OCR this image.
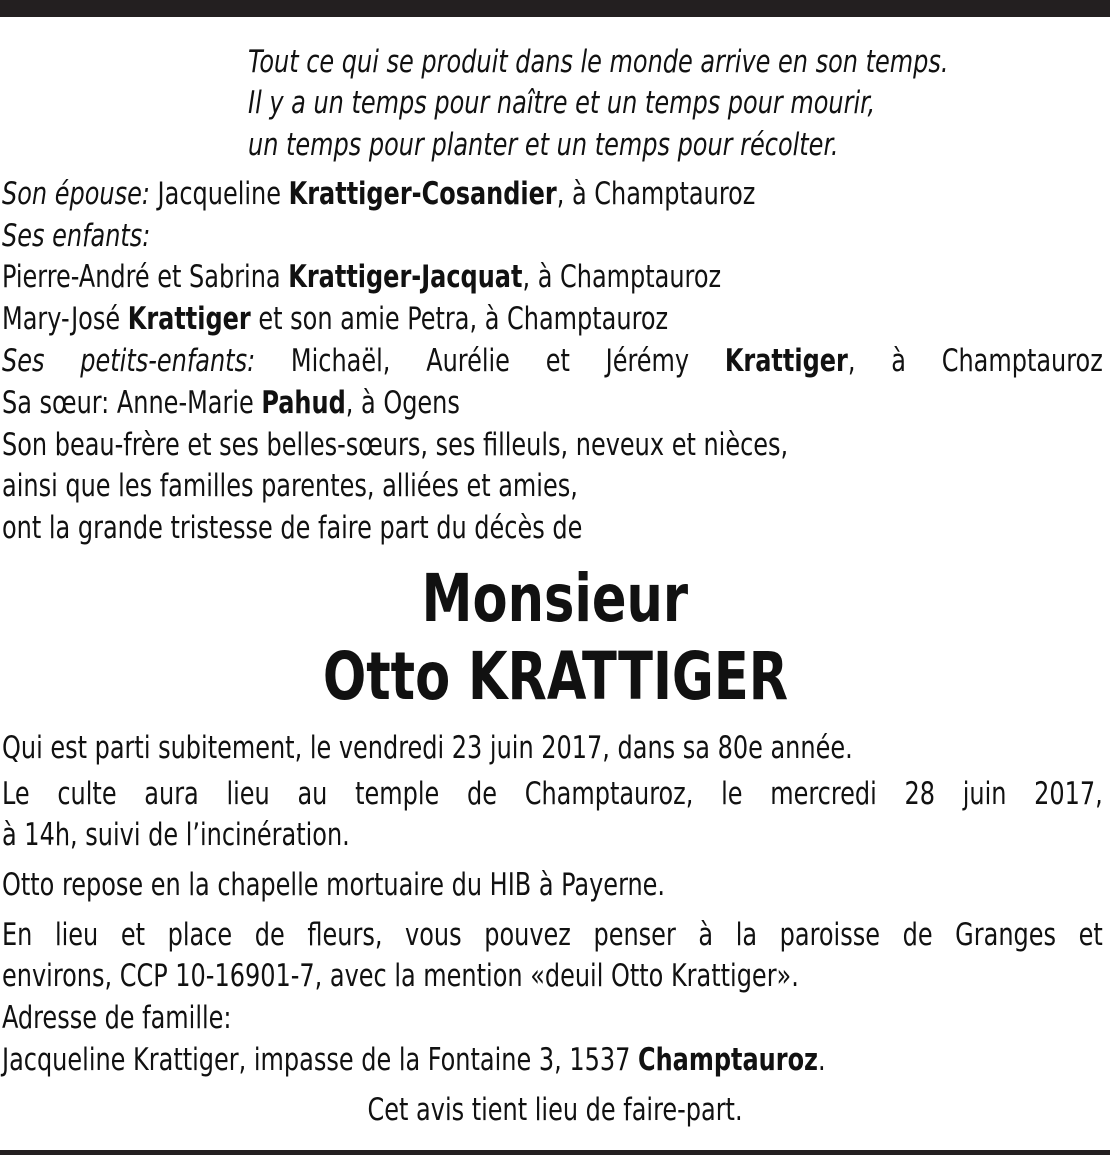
Tout ce qui se produit dans le monde arrive en son temps.
Il y a un temps pour naître et un temps pour mourir,
un temps pour planter et un temps pour récolter.
Son épouse: Jacqueline Krattiger-Cosandier, à Champtauroz
Ses enfants:
Pierre-André et Sabrina Krattiger-Jacquat, à Champtauroz
Mary-José Krattiger et son amie Petra, à Champtauroz
Ses petits-enfants: Michaël, Aurélie et Jérémy Krattiger, à Champtauroz
Sa sœur: Anne-Marie Pahud, à Ogens
Son beau-frère et ses belles-sœurs, ses filleuls, neveux et nièces,
ainsi que les familles parentes, alliées et amies,
ont la grande tristesse de faire part du décès de
Monsieur
Otto KRATTIGER
Qui est parti subitement, le vendredi 23 juin 2017, dans sa 80e année.
Le culte aura lieu au temple de Champtauroz, le mercredi 28 juin 2017,
à 14h, suivi de l’incinération.
Otto repose en la chapelle mortuaire du HIB à Payerne.
En lieu et place de fleurs, vous pouvez penser à la paroisse de Granges et
environs, CCP 10-16901-7, avec la mention «deuil Otto Krattiger».
Adresse de famille:
Jacqueline Krattiger, impasse de la Fontaine 3, 1537 Champtauroz.
Cet avis tient lieu de faire-part.
